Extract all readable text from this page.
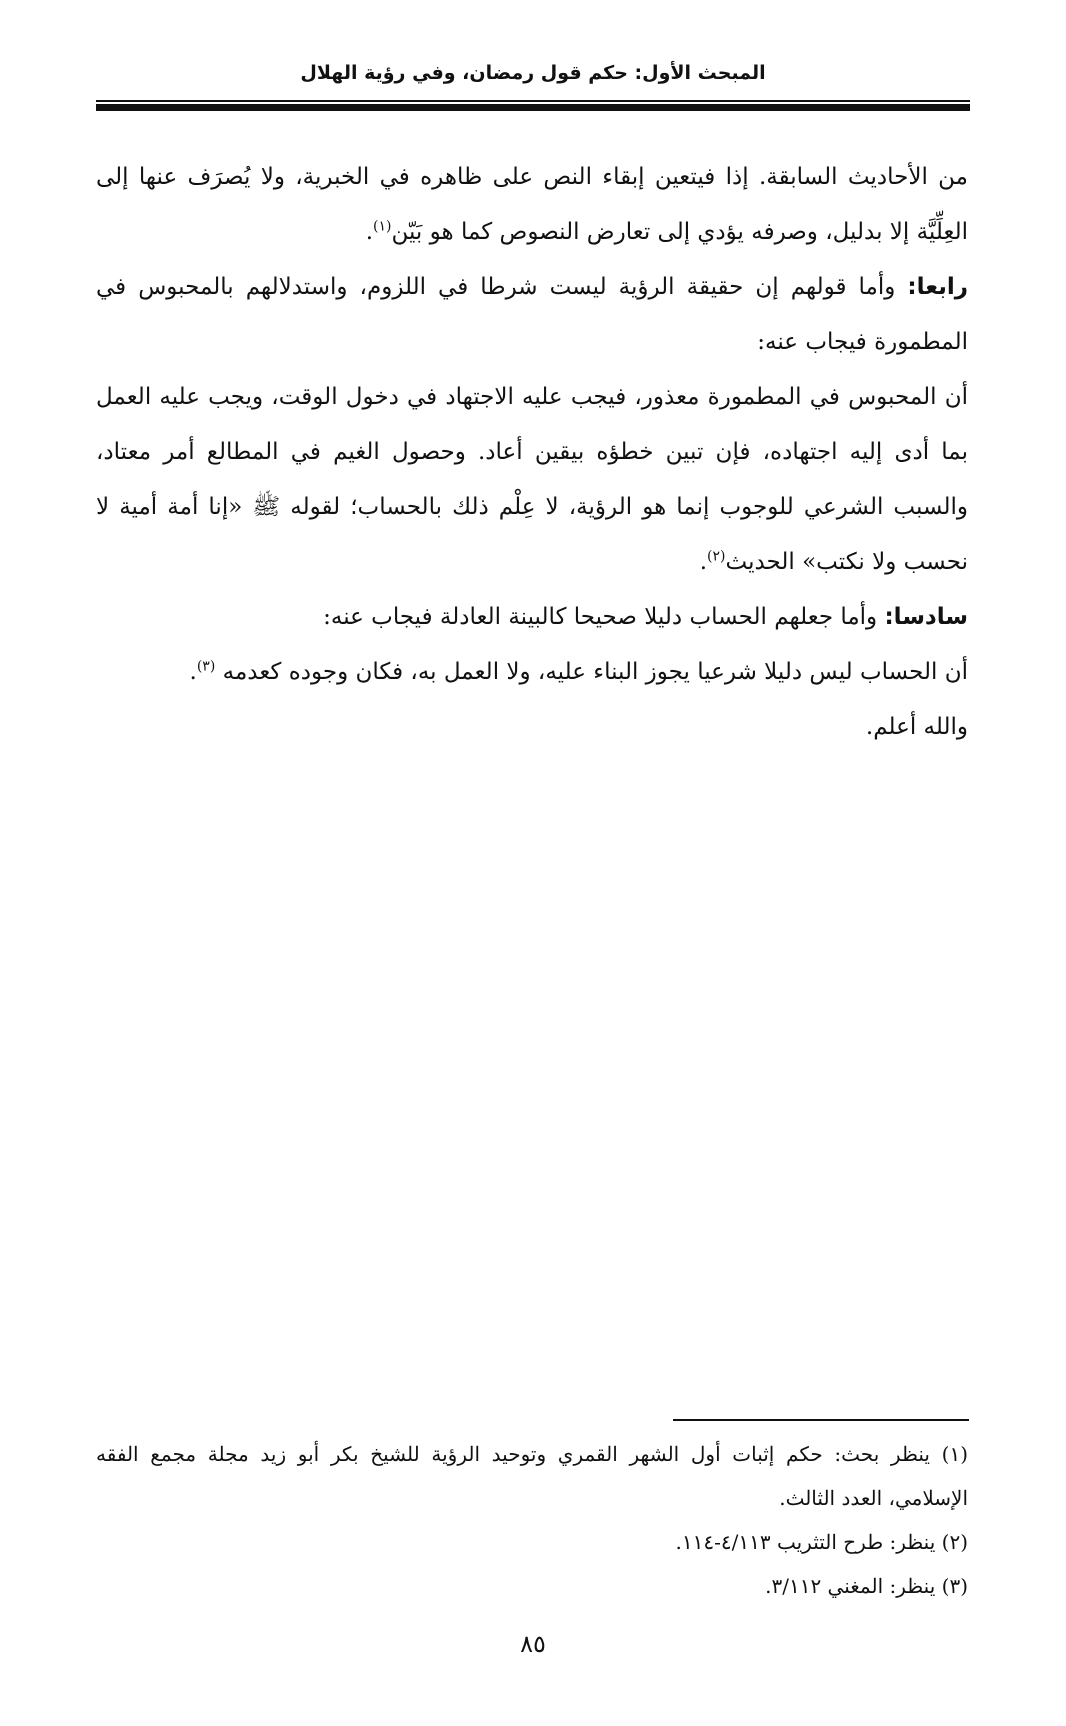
المبحث الأول: حكم قول رمضان، وفي رؤية الهلال

من الأحاديث السابقة. إذا فيتعين إبقاء النص على ظاهره في الخبرية، ولا يُصرَف عنها إلى العِلِّيَّة إلا بدليل، وصرفه يؤدي إلى تعارض النصوص كما هو بَيّن$^{(١)}$.

رابعا: وأما قولهم إن حقيقة الرؤية ليست شرطا في اللزوم، واستدلالهم بالمحبوس في المطمورة فيجاب عنه:

أن المحبوس في المطمورة معذور، فيجب عليه الاجتهاد في دخول الوقت، ويجب عليه العمل بما أدى إليه اجتهاده، فإن تبين خطؤه بيقين أعاد. وحصول الغيم في المطالع أمر معتاد، والسبب الشرعي للوجوب إنما هو الرؤية، لا عِلْم ذلك بالحساب؛ لقوله ﷺ «إنا أمة أمية لا نحسب ولا نكتب» الحديث$^{(٢)}$.

سادسا: وأما جعلهم الحساب دليلا صحيحا كالبينة العادلة فيجاب عنه:

أن الحساب ليس دليلا شرعيا يجوز البناء عليه، ولا العمل به، فكان وجوده كعدمه $^{(٣)}$.

والله أعلم.

(١) ينظر بحث: حكم إثبات أول الشهر القمري وتوحيد الرؤية للشيخ بكر أبو زيد مجلة مجمع الفقه الإسلامي، العدد الثالث.

(٢) ينظر: طرح التثريب ٤/١١٣-١١٤.

(٣) ينظر: المغني ٣/١١٢.

٨٥
